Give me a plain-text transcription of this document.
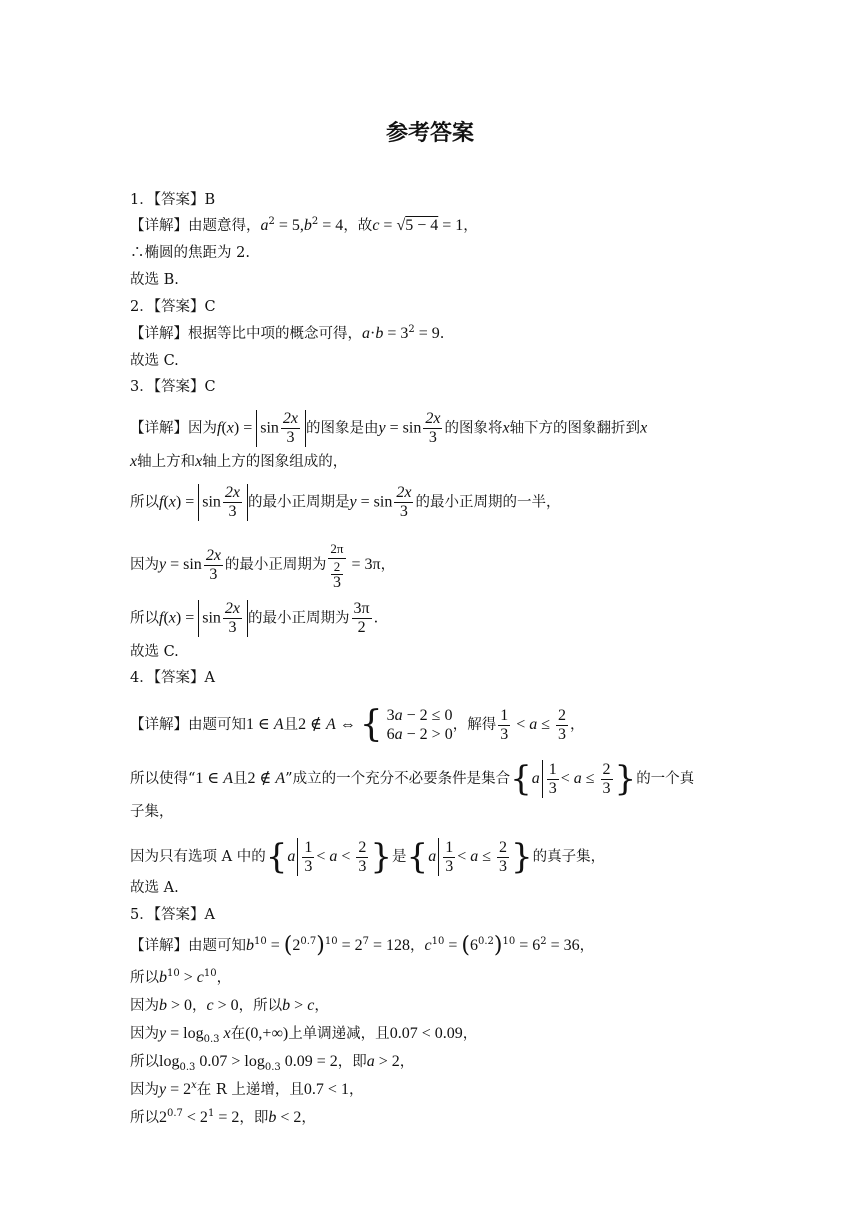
参考答案
1．【答案】B
【详解】由题意得，$a^2 = 5,b^2 = 4$，故c = √5 − 4 = 1，
∴椭圆的焦距为 2.
故选 B.
2．【答案】C
【详解】根据等比中项的概念可得，$a\cdot b = 3^2 = 9$.
故选 C.
3．【答案】C
【详解】因为$f(x) = \sin \frac{2x}{3}$ 的图象是由$y = \sin \frac{2x}{3}$ 的图象将x轴下方的图象翻折到x
x轴上方和x轴上方的图象组成的，
所以$f(x) = \sin \frac{2x}{3}$ 的最小正周期是$y = \sin \frac{2x}{3}$ 的最小正周期的一半，
因为$y = \sin \frac{2x}{3}$ 的最小正周期为 $\frac{2\pi}{\frac{2}{3}} = 3\pi$，
所以$f(x) = \sin \frac{2x}{3}$ 的最小正周期为 $\frac{3\pi}{2}$ .
故选 C.
4．【答案】A
【详解】由题可知1 ∈ A且2 ∉ A ⇔ { 3a − 2 ≤ 0
6a − 2 > 0
，解得 $\frac{1}{3} < a \le \frac{2}{3}$ ，
所以使得“1 ∈ A且2 ∉ A”成立的一个充分不必要条件是集合{$a \frac{1}{3} < a \le \frac{2}{3}$ }的一个真
子集，
因为只有选项 A 中的{$a \frac{1}{3} < a < \frac{2}{3}$ }是{$a \frac{1}{3} < a \le \frac{2}{3}$ }的真子集，
故选 A.
5．【答案】A
【详解】由题可知$b^{10} = (2^{0.7})^{10} = 2^7 = 128$，$c^{10} = (6^{0.2})^{10} = 6^2 = 36$，
所以$b^{10} > c^{10}$，
因为b > 0，c > 0，所以b > c，
因为$y = \log_{0.3} x$在(0,+∞)上单调递减，且0.07 < 0.09，
所以$\log_{0.3} 0.07 > \log_{0.3} 0.09 = 2$，即a > 2，
因为$y = 2^x$在 R 上递增，且0.7 < 1，
所以$2^{0.7} < 2^1 = 2$，即b < 2，
